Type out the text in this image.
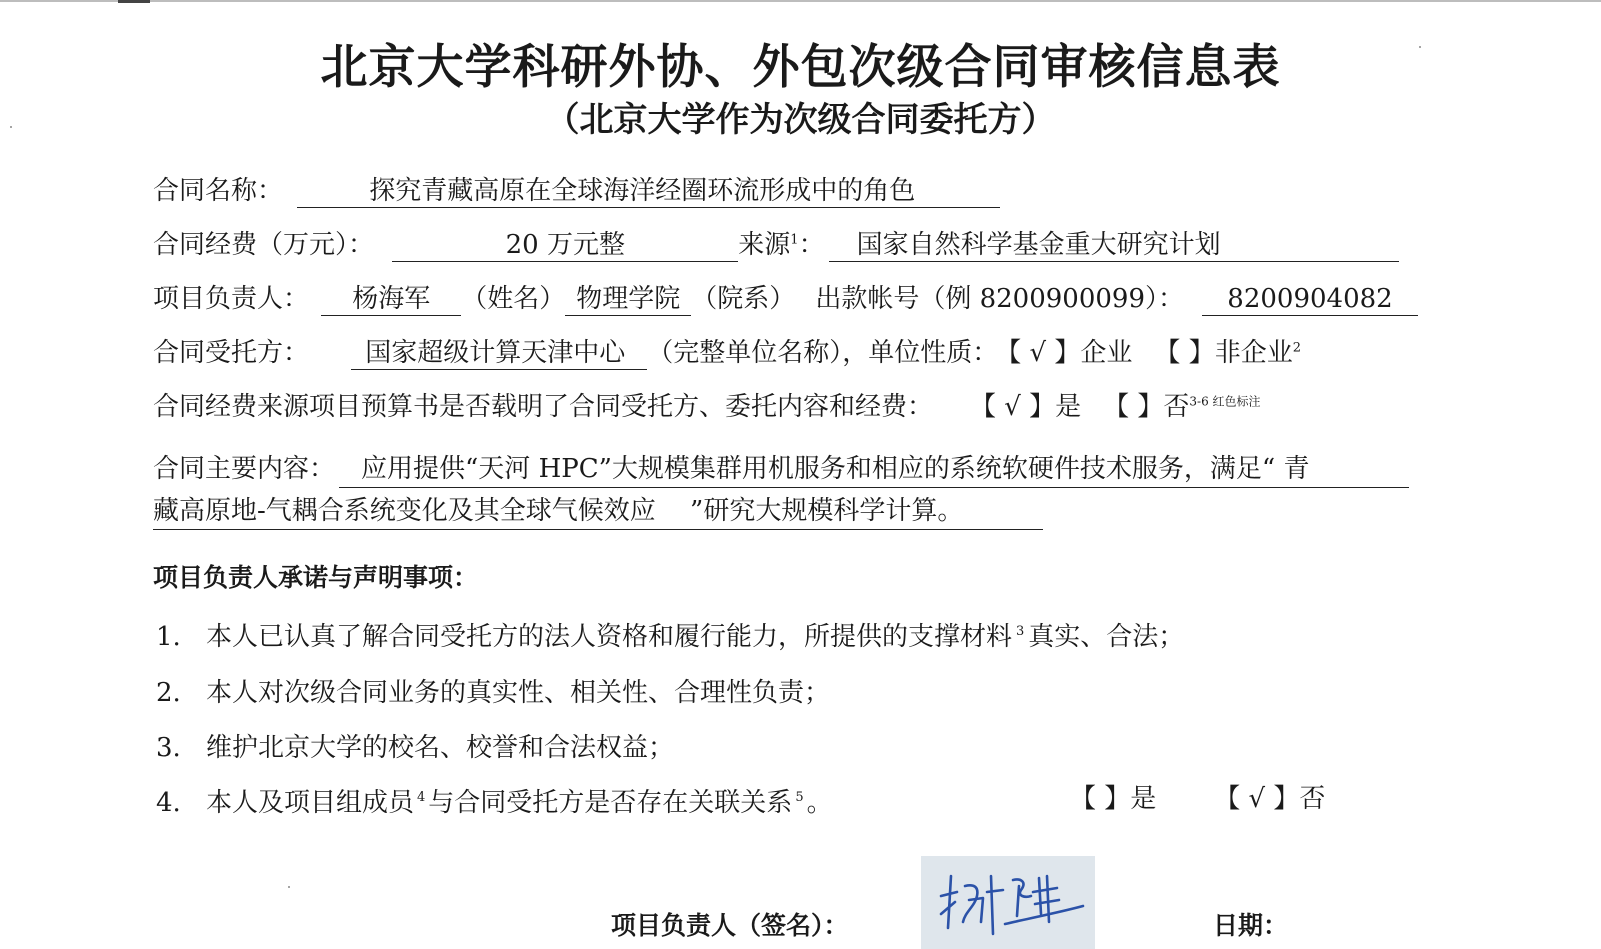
北京大学科研外协、外包次级合同审核信息表
（北京大学作为次级合同委托方）
合同名称：	探究青藏高原在全球海洋经圈环流形成中的角色
合同经费（万元）：	20 万元整	来源$^1$： 国家自然科学基金重大研究计划
项目负责人： 杨海军 （姓名） 物理学院 （院系） 出款帐号（例 8200900099）： 8200904082
合同受托方： 国家超级计算天津中心 （完整单位名称），单位性质： 【 √ 】企业 【 】非企业$^2$
合同经费来源项目预算书是否载明了合同受托方、委托内容和经费： 【 √ 】是 【 】否$^{3-6 红色标注}$
合同主要内容： 应用提供“天河 HPC”大规模集群用机服务和相应的系统软硬件技术服务，满足“ 青
藏高原地-气耦合系统变化及其全球气候效应　 ”研究大规模科学计算。
项目负责人承诺与声明事项：
1. 本人已认真了解合同受托方的法人资格和履行能力，所提供的支撑材料 $^3$ 真实、合法；
2. 本人对次级合同业务的真实性、相关性、合理性负责；
3. 维护北京大学的校名、校誉和合法权益；
4. 本人及项目组成员 $^4$ 与合同受托方是否存在关联关系 $^5$ 。	【 】是 【 √ 】否
项目负责人（签名）：	日期：
